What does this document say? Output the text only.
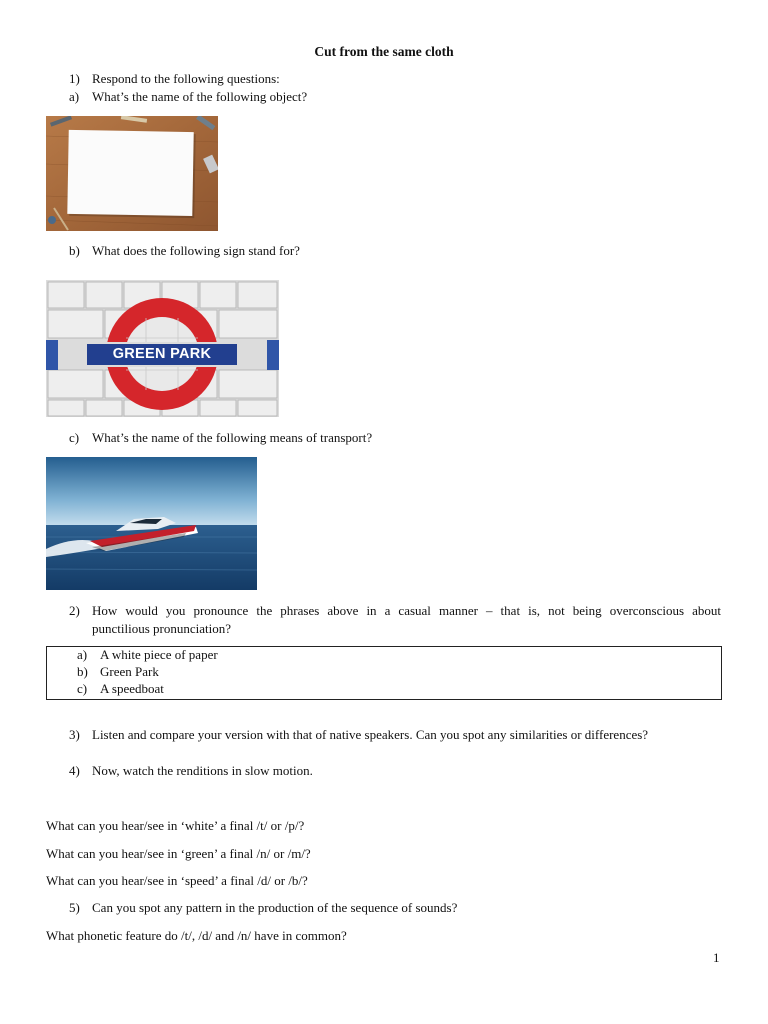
Cut from the same cloth
1) Respond to the following questions:
a) What’s the name of the following object?
b) What does the following sign stand for?
GREEN PARK
c) What’s the name of the following means of transport?
2) How would you pronounce the phrases above in a casual manner – that is, not being overconscious about
punctilious pronunciation?
a) A white piece of paper
b) Green Park
c) A speedboat
3) Listen and compare your version with that of native speakers. Can you spot any similarities or differences?
4) Now, watch the renditions in slow motion.
What can you hear/see in ‘white’ a final /t/ or /p/?
What can you hear/see in ‘green’ a final /n/ or /m/?
What can you hear/see in ‘speed’ a final /d/ or /b/?
5) Can you spot any pattern in the production of the sequence of sounds?
What phonetic feature do /t/, /d/ and /n/ have in common?
1
